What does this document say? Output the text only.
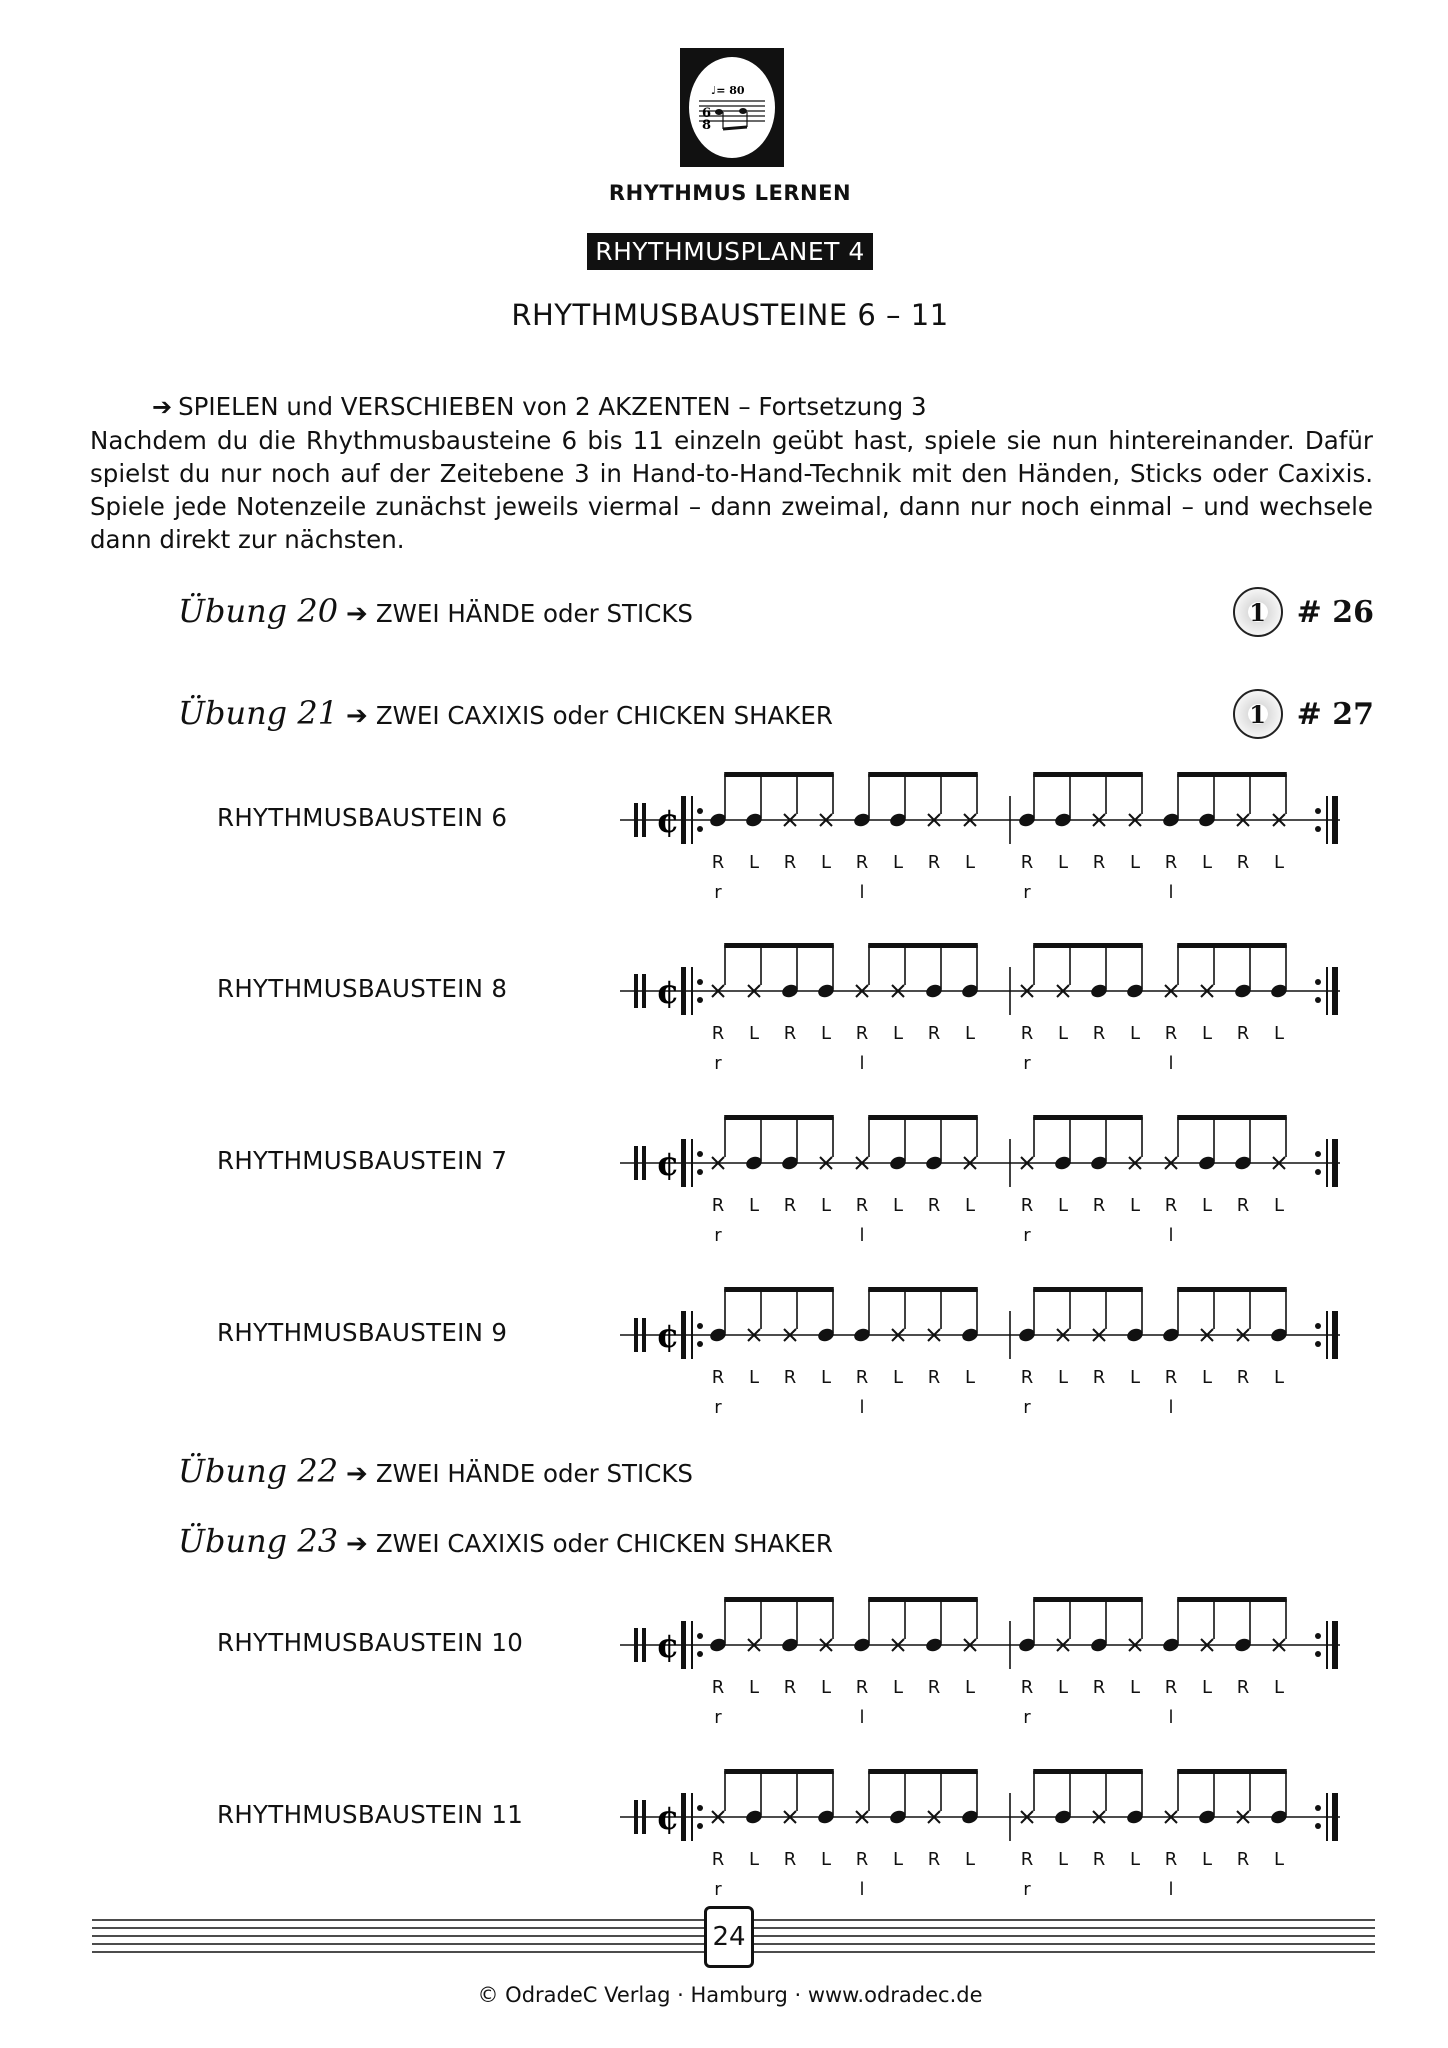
♩= 80
6
8
RHYTHMUS LERNEN
RHYTHMUSPLANET 4
RHYTHMUSBAUSTEINE 6 – 11
➔ SPIELEN und VERSCHIEBEN von 2 AKZENTEN – Fortsetzung 3

Nachdem du die Rhythmusbausteine 6 bis 11 einzeln geübt hast, spiele sie nun hintereinander. Dafür spielst du nur noch auf der Zeitebene 3 in Hand-to-Hand-Technik mit den Händen, Sticks oder Caxixis. Spiele jede Notenzeile zunächst jeweils viermal – dann zweimal, dann nur noch einmal – und wechsele dann direkt zur nächsten.

Übung 20 ➔ ZWEI HÄNDE oder STICKS	1 # 26
Übung 21 ➔ ZWEI CAXIXIS oder CHICKEN SHAKER	1 # 27
Übung 22 ➔ ZWEI HÄNDE oder STICKS
Übung 23 ➔ ZWEI CAXIXIS oder CHICKEN SHAKER
RHYTHMUSBAUSTEIN 6
RHYTHMUSBAUSTEIN 8
RHYTHMUSBAUSTEIN 7
RHYTHMUSBAUSTEIN 9
RHYTHMUSBAUSTEIN 10
RHYTHMUSBAUSTEIN 11
¢
R
r
L R L R
l
L R L	R
r
L R L R
l
L R L
¢
R
r
L R L R
l
L R L	R
r
L R L R
l
L R L
¢
R
r
L R L R
l
L R L	R
r
L R L R
l
L R L
¢
R
r
L R L R
l
L R L	R
r
L R L R
l
L R L
¢
R
r
L R L R
l
L R L	R
r
L R L R
l
L R L
¢
R
r
L R L R
l
L R L	R
r
L R L R
l
L R L
24
© OdradeC Verlag · Hamburg · www.odradec.de
